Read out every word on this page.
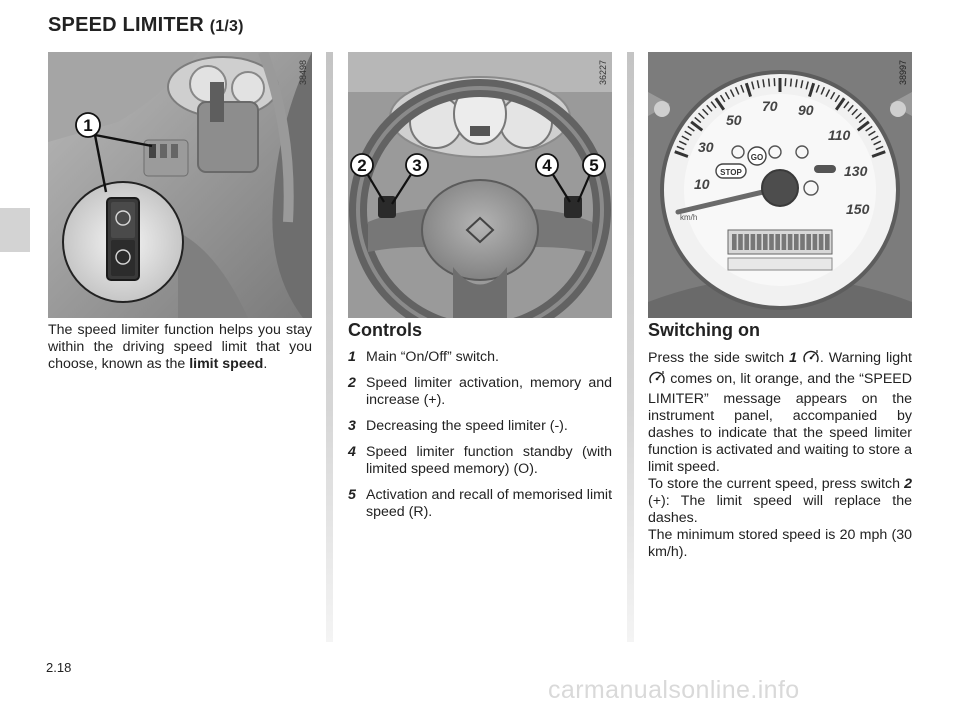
SPEED LIMITER (1/3)
1
38498
2	3	4 5
36227
10
30
50
70 90
110
130
150
km/h
STOP
GO
38997

The speed limiter function helps you stay within the driving speed limit that you choose, known as the limit speed.

Controls
1 Main “On/Off” switch.
2 Speed limiter activation, memory and increase (+).
3 Decreasing the speed limiter (-).
4 Speed limiter function standby (with limited speed memory) (O).
5 Activation and recall of memorised limit speed (R).
Switching on

Press the side switch 1 . Warning light  comes on, lit orange, and the “SPEED LIMITER” message appears on the instrument panel, accompanied by dashes to indicate that the speed limiter function is activated and waiting to store a limit speed.

To store the current speed, press switch 2 (+): The limit speed will replace the dashes.

The minimum stored speed is 20 mph (30 km/h).

2.18
carmanualsonline.info
